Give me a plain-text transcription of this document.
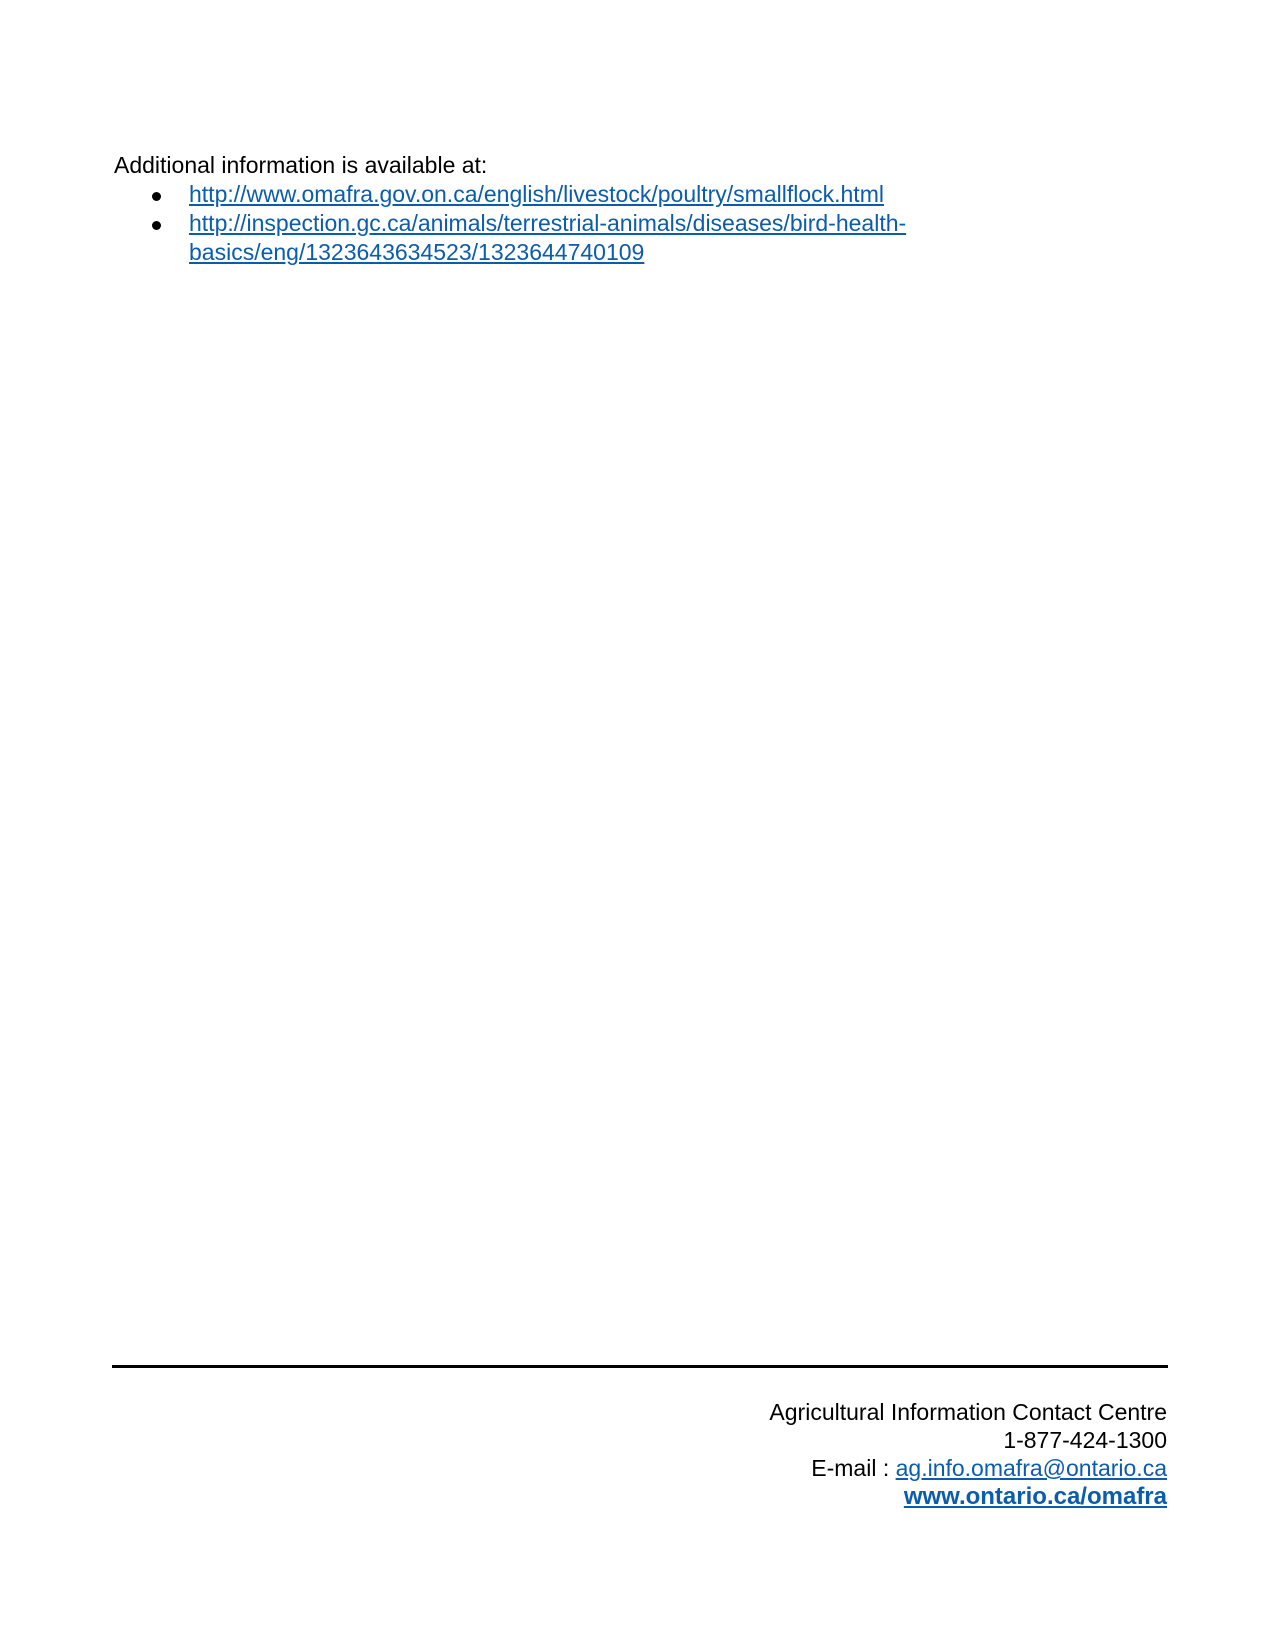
Additional information is available at:

http://www.omafra.gov.on.ca/english/livestock/poultry/smallflock.html
http://inspection.gc.ca/animals/terrestrial-animals/diseases/bird-health-
basics/eng/1323643634523/1323644740109
Agricultural Information Contact Centre
1-877-424-1300
E-mail : ag.info.omafra@ontario.ca
www.ontario.ca/omafra
